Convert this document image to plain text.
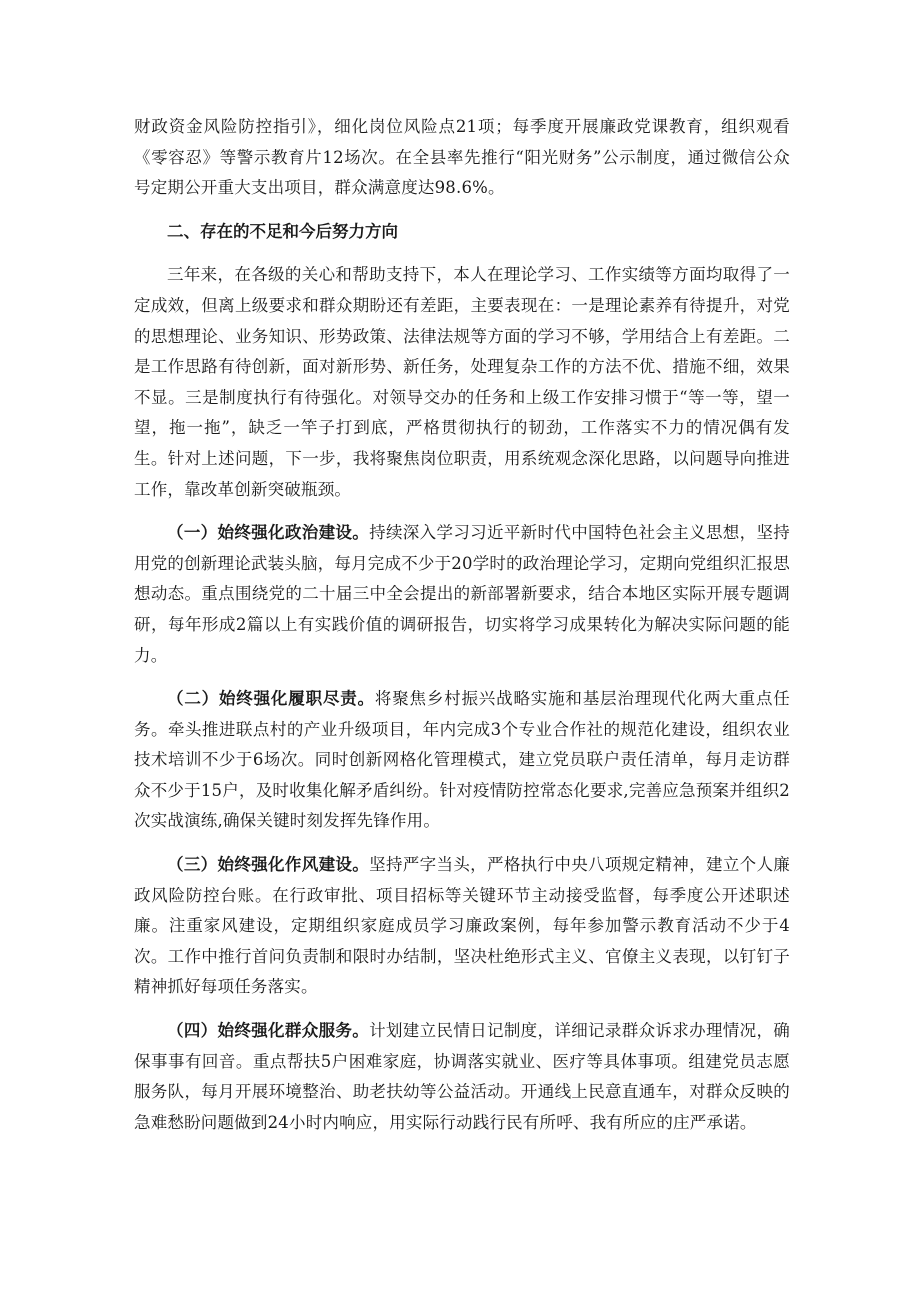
财政资金风险防控指引》，细化岗位风险点21项；每季度开展廉政党课教育，组织观看《零容忍》等警示教育片12场次。在全县率先推行“阳光财务”公示制度，通过微信公众号定期公开重大支出项目，群众满意度达98.6%。

二、存在的不足和今后努力方向

三年来，在各级的关心和帮助支持下，本人在理论学习、工作实绩等方面均取得了一定成效，但离上级要求和群众期盼还有差距，主要表现在：一是理论素养有待提升，对党的思想理论、业务知识、形势政策、法律法规等方面的学习不够，学用结合上有差距。二是工作思路有待创新，面对新形势、新任务，处理复杂工作的方法不优、措施不细，效果不显。三是制度执行有待强化。对领导交办的任务和上级工作安排习惯于“等一等，望一望，拖一拖”，缺乏一竿子打到底，严格贯彻执行的韧劲，工作落实不力的情况偶有发生。针对上述问题，下一步，我将聚焦岗位职责，用系统观念深化思路，以问题导向推进工作，靠改革创新突破瓶颈。

（一）始终强化政治建设。持续深入学习习近平新时代中国特色社会主义思想，坚持用党的创新理论武装头脑，每月完成不少于20学时的政治理论学习，定期向党组织汇报思想动态。重点围绕党的二十届三中全会提出的新部署新要求，结合本地区实际开展专题调研，每年形成2篇以上有实践价值的调研报告，切实将学习成果转化为解决实际问题的能力。

（二）始终强化履职尽责。将聚焦乡村振兴战略实施和基层治理现代化两大重点任务。牵头推进联点村的产业升级项目，年内完成3个专业合作社的规范化建设，组织农业技术培训不少于6场次。同时创新网格化管理模式，建立党员联户责任清单，每月走访群众不少于15户，及时收集化解矛盾纠纷。针对疫情防控常态化要求,完善应急预案并组织2次实战演练,确保关键时刻发挥先锋作用。

（三）始终强化作风建设。坚持严字当头，严格执行中央八项规定精神，建立个人廉政风险防控台账。在行政审批、项目招标等关键环节主动接受监督，每季度公开述职述廉。注重家风建设，定期组织家庭成员学习廉政案例，每年参加警示教育活动不少于4次。工作中推行首问负责制和限时办结制，坚决杜绝形式主义、官僚主义表现，以钉钉子精神抓好每项任务落实。

（四）始终强化群众服务。计划建立民情日记制度，详细记录群众诉求办理情况，确保事事有回音。重点帮扶5户困难家庭，协调落实就业、医疗等具体事项。组建党员志愿服务队，每月开展环境整治、助老扶幼等公益活动。开通线上民意直通车，对群众反映的急难愁盼问题做到24小时内响应，用实际行动践行民有所呼、我有所应的庄严承诺。
